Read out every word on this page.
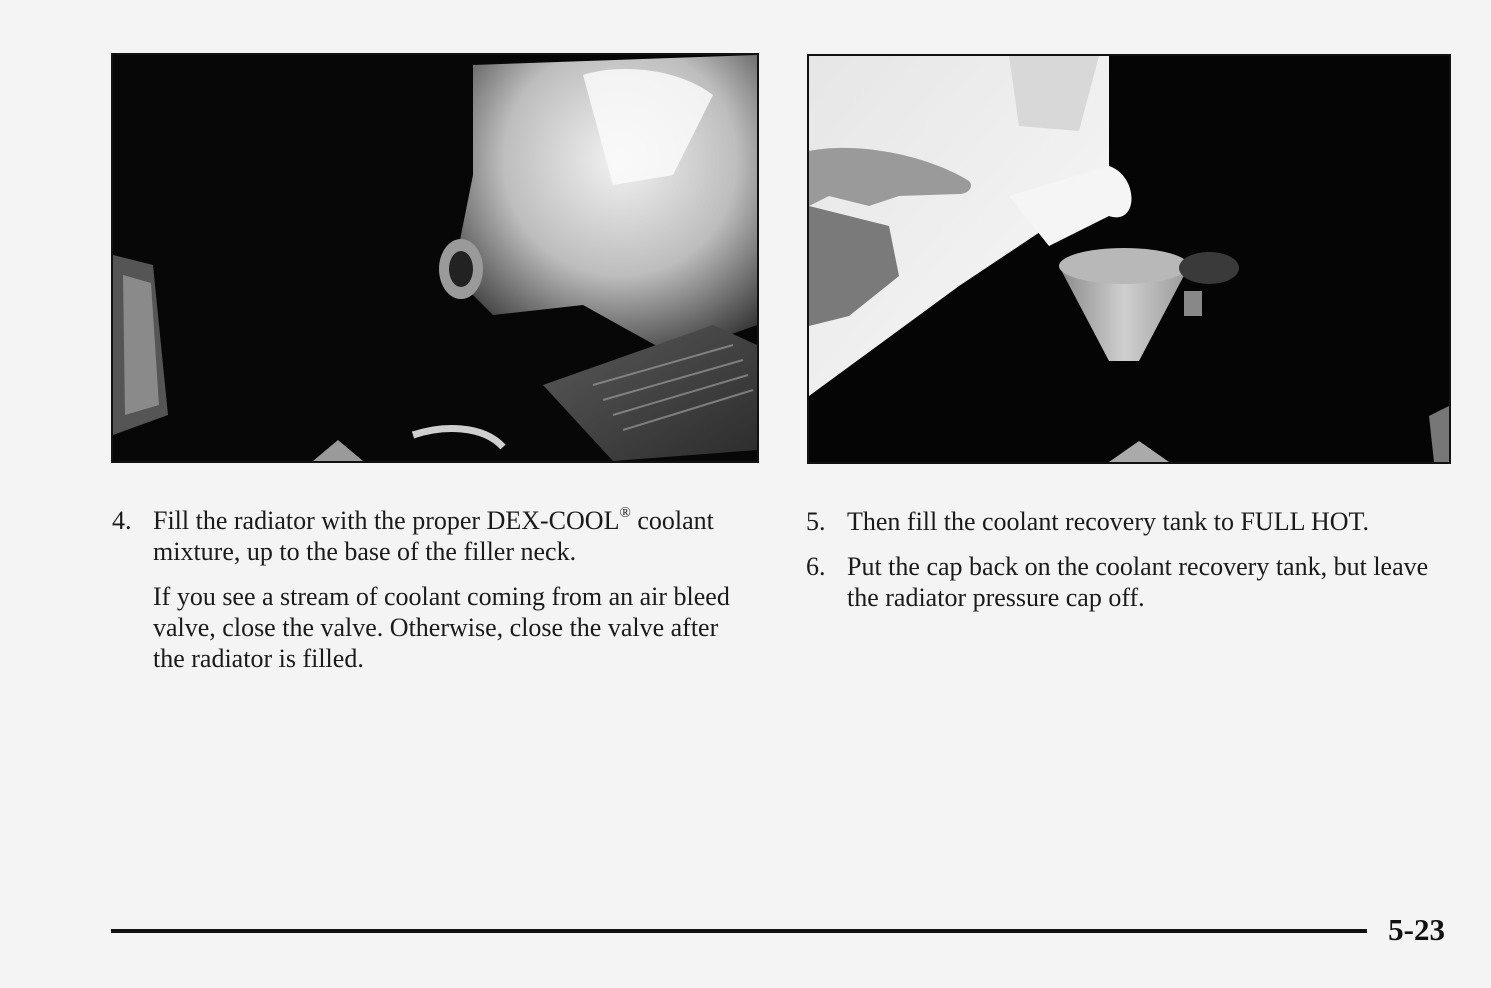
4. Fill the radiator with the proper DEX-COOL® coolant mixture, up to the base of the filler neck.

If you see a stream of coolant coming from an air bleed valve, close the valve. Otherwise, close the valve after the radiator is filled.

5. Then fill the coolant recovery tank to FULL HOT.
6. Put the cap back on the coolant recovery tank, but leave the radiator pressure cap off.
5-23
